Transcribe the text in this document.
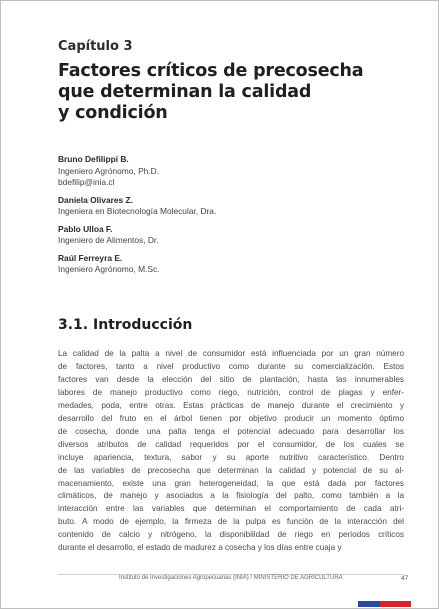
Capítulo 3
Factores críticos de precosecha
que determinan la calidad
y condición
Bruno Defilippi B.
Ingeniero Agrónomo, Ph.D.
bdefilip@inia.cl
Daniela Olivares Z.
Ingeniera en Biotecnología Molecular, Dra.
Pablo Ulloa F.
Ingeniero de Alimentos, Dr.
Raúl Ferreyra E.
Ingeniero Agrónomo, M.Sc.
3.1. Introducción
La calidad de la palta a nivel de consumidor está influenciada por un gran número
de factores, tanto a nivel productivo como durante su comercialización. Estos
factores van desde la elección del sitio de plantación, hasta las innumerables
labores de manejo productivo como riego, nutrición, control de plagas y enfer-
medades, poda, entre otras. Estas prácticas de manejo durante el crecimiento y
desarrollo del fruto en el árbol tienen por objetivo producir un momento óptimo
de cosecha, donde una palta tenga el potencial adecuado para desarrollar los
diversos atributos de calidad requeridos por el consumidor, de los cuales se
incluye apariencia, textura, sabor y su aporte nutritivo característico. Dentro
de las variables de precosecha que determinan la calidad y potencial de su al-
macenamiento, existe una gran heterogeneidad, la que está dada por factores
climáticos, de manejo y asociados a la fisiología del palto, como también a la
interacción entre las variables que determinan el comportamiento de cada atri-
buto. A modo de ejemplo, la firmeza de la pulpa es función de la interacción del
contenido de calcio y nitrógeno, la disponibilidad de riego en periodos críticos
durante el desarrollo, el estado de madurez a cosecha y los días entre cuaja y
Instituto de Investigaciones Agropecuarias (INIA) / MINISTERIO DE AGRICULTURA	47
